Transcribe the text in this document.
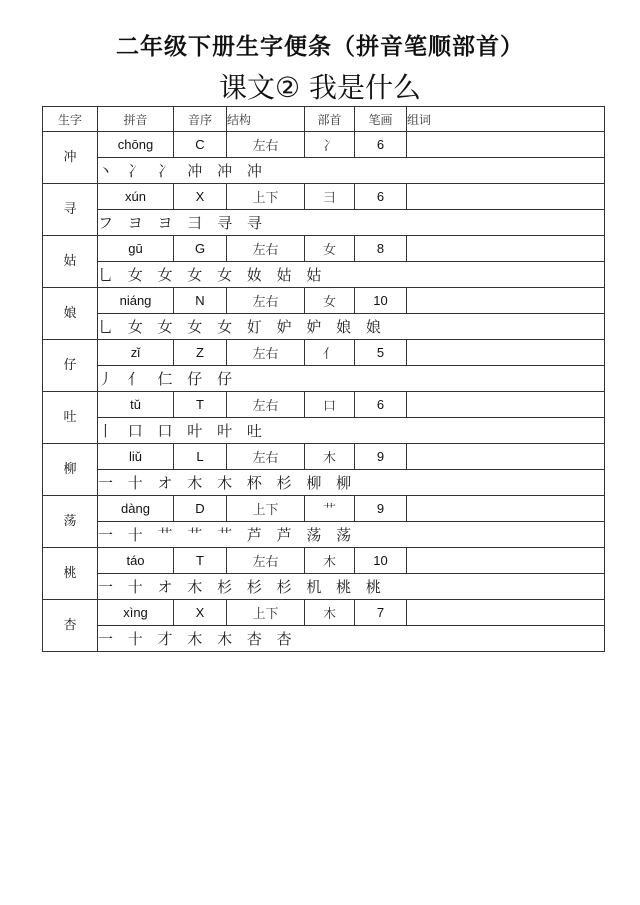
二年级下册生字便条（拼音笔顺部首）
课文② 我是什么
生字	拼音	音序	结构	部首	笔画	组词
冲	chōng	C	左右	冫	6	
	丶 冫 冫 冲 冲 冲					
寻	xún	X	上下	彐	6	
	フ ヨ ヨ 彐 寻 寻					
姑	gū	G	左右	女	8	
	乚 女 女 女 女 奻 姑 姑					
娘	niáng	N	左右	女	10	
	乚 女 女 女 女 奵 妒 妒 娘 娘					
仔	zǐ	Z	左右	亻	5	
	丿 亻 仁 仔 仔					
吐	tǔ	T	左右	口	6	
	丨 口 口 叶 叶 吐					
柳	liǔ	L	左右	木	9	
	一 十 オ 木 木 杯 杉 柳 柳					
荡	dàng	D	上下	艹	9	
	一 十 艹 艹 艹 芦 芦 荡 荡					
桃	táo	T	左右	木	10	
	一 十 オ 木 杉 杉 杉 机 桃 桃					
杏	xìng	X	上下	木	7	
	一 十 才 木 木 杏 杏					
